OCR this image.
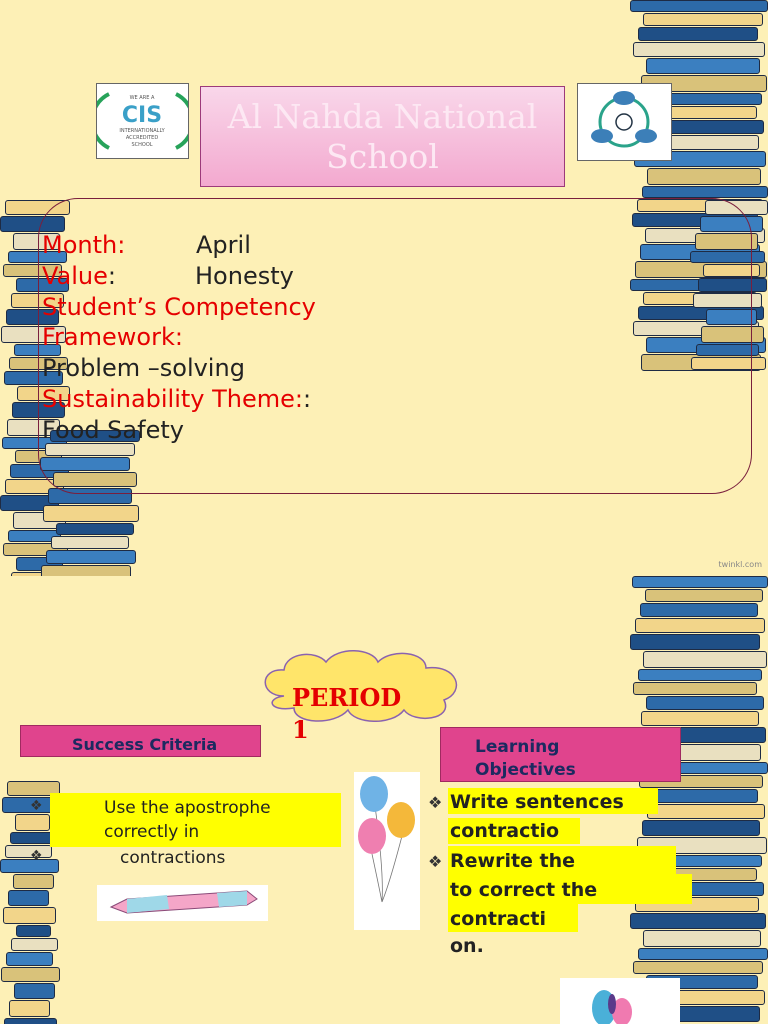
WE ARE A
CIS
INTERNATIONALLY
ACCREDITED
SCHOOL
Al Nahda National School
Month:	April
Value:	Honesty
Student’s Competency
Framework:
Problem –solving
Sustainability Theme::
Food Safety
twinkl.com
PERIOD
1
Success Criteria
❖
❖
Use the apostrophe
correctly in
contractions
Learning
Objectives
❖
❖
Write sentences
contractio
Rewrite the
to correct the
contracti
on.
